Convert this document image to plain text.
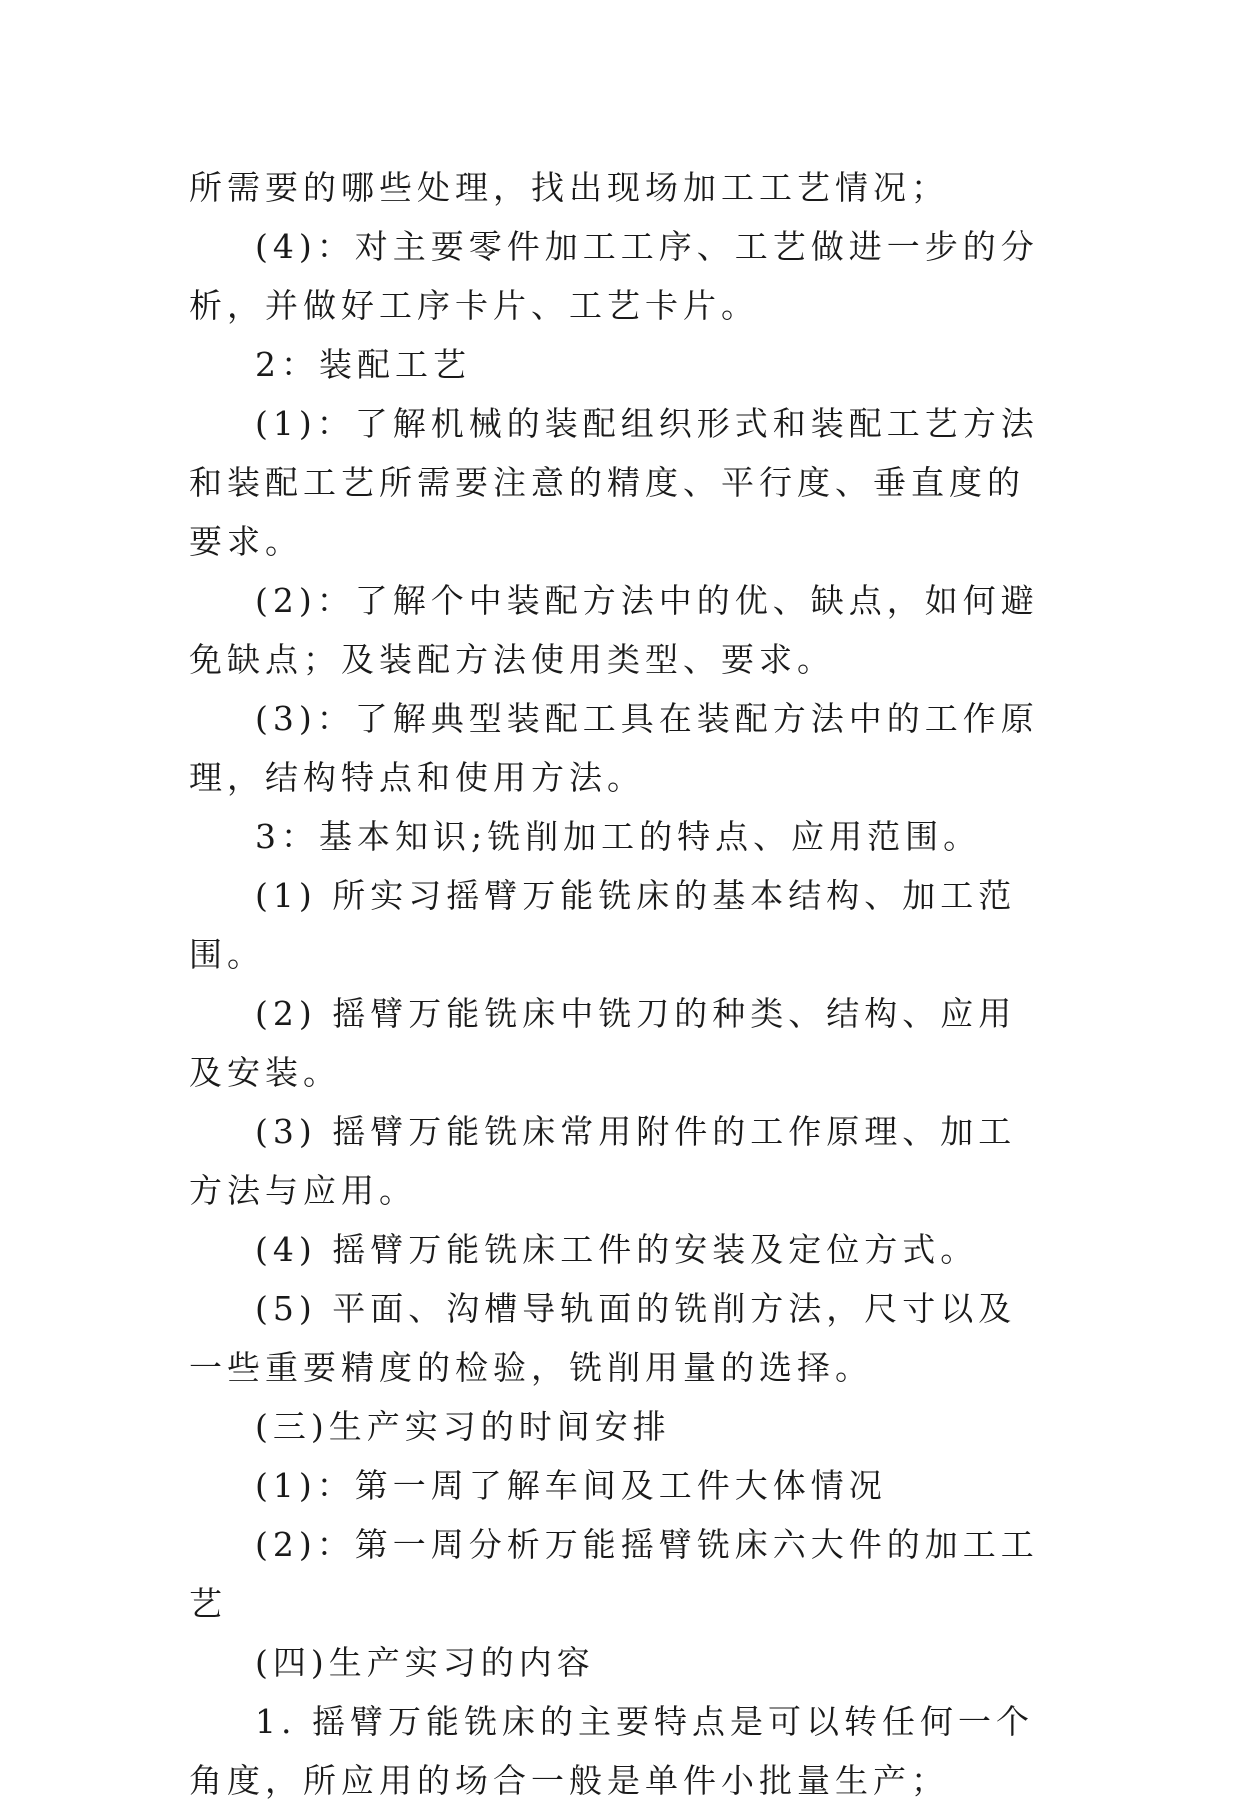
所需要的哪些处理，找出现场加工工艺情况；

(4)：对主要零件加工工序、工艺做进一步的分析，并做好工序卡片、工艺卡片。

2：装配工艺

(1)：了解机械的装配组织形式和装配工艺方法和装配工艺所需要注意的精度、平行度、垂直度的要求。

(2)：了解个中装配方法中的优、缺点，如何避免缺点；及装配方法使用类型、要求。

(3)：了解典型装配工具在装配方法中的工作原理，结构特点和使用方法。

3：基本知识;铣削加工的特点、应用范围。

(1) 所实习摇臂万能铣床的基本结构、加工范围。

(2) 摇臂万能铣床中铣刀的种类、结构、应用及安装。

(3) 摇臂万能铣床常用附件的工作原理、加工方法与应用。

(4) 摇臂万能铣床工件的安装及定位方式。

(5) 平面、沟槽导轨面的铣削方法，尺寸以及一些重要精度的检验，铣削用量的选择。

(三)生产实习的时间安排

(1)：第一周了解车间及工件大体情况

(2)：第一周分析万能摇臂铣床六大件的加工工艺

(四)生产实习的内容

1. 摇臂万能铣床的主要特点是可以转任何一个角度，所应用的场合一般是单件小批量生产；
